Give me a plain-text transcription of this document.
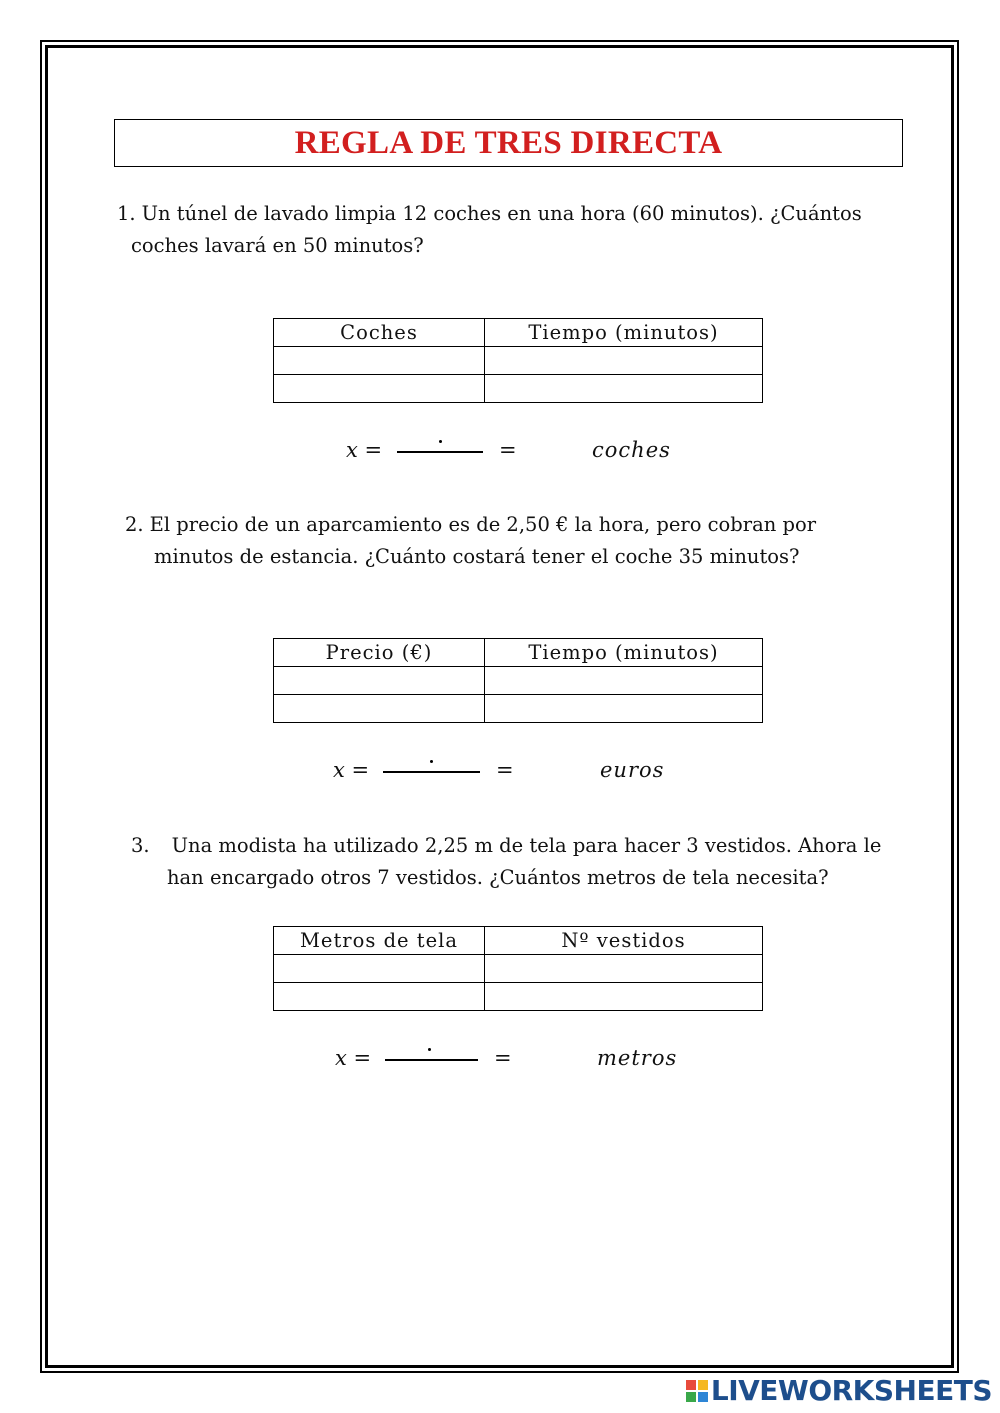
REGLA DE TRES DIRECTA
1. Un túnel de lavado limpia 12 coches en una hora (60 minutos). ¿Cuántos
coches lavará en 50 minutos?
Coches	Tiempo (minutos)

x =	=	coches
2. El precio de un aparcamiento es de 2,50 € la hora, pero cobran por
minutos de estancia. ¿Cuánto costará tener el coche 35 minutos?
Precio (€)	Tiempo (minutos)

x =	=	euros
3. Una modista ha utilizado 2,25 m de tela para hacer 3 vestidos. Ahora le
han encargado otros 7 vestidos. ¿Cuántos metros de tela necesita?
Metros de tela	Nº vestidos

x =	=	metros
LIVEWORKSHEETS
